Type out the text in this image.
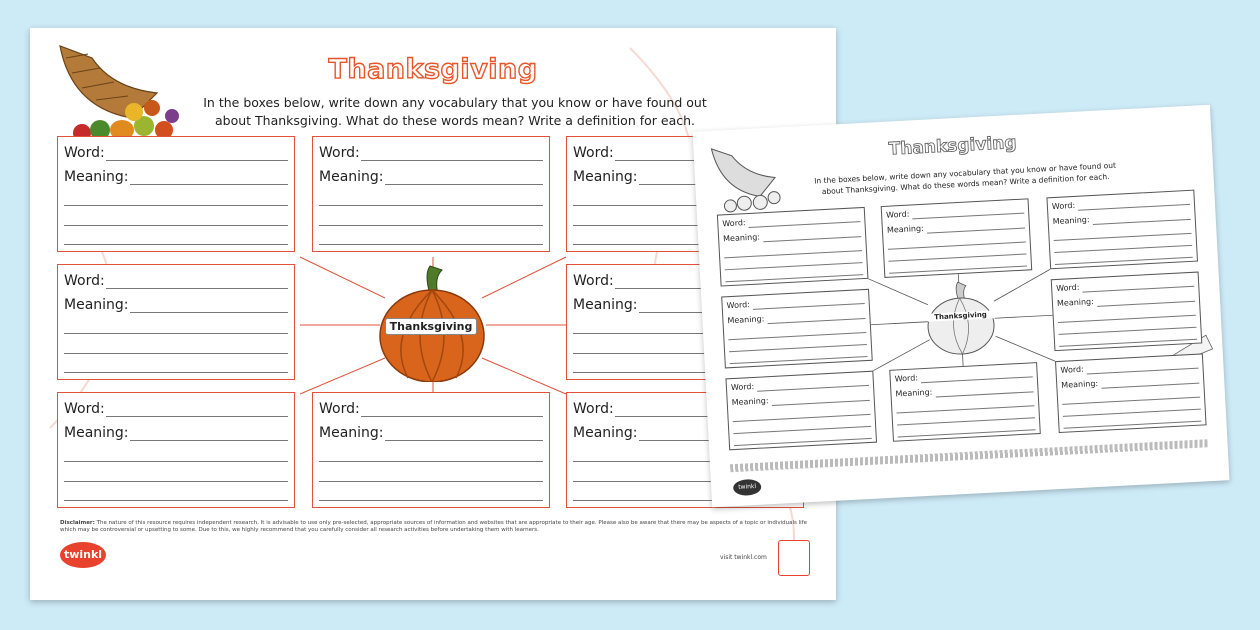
Thanksgiving
In the boxes below, write down any vocabulary that you know or have found out about Thanksgiving. What do these words mean? Write a definition for each.
Thanksgiving
Word:
Meaning:
Word:
Meaning:
Word:
Meaning:
Word:
Meaning:
Word:
Meaning:
Word:
Meaning:
Word:
Meaning:
Word:
Meaning:
Disclaimer: The nature of this resource requires independent research. It is advisable to use only pre-selected, appropriate sources of information and websites that are appropriate to their age. Please also be aware that there may be aspects of a topic or individuals life which may be controversial or upsetting to some. Due to this, we highly recommend that you carefully consider all research activities before undertaking them with learners.
twinkl	visit twinkl.com
Thanksgiving
In the boxes below, write down any vocabulary that you know or have found out about Thanksgiving. What do these words mean? Write a definition for each.
Thanksgiving
Word:
Meaning:
Word:
Meaning:
Word:
Meaning:
Word:
Meaning:
Word:
Meaning:
Word:
Meaning:
Word:
Meaning:
Word:
Meaning:
twinkl
